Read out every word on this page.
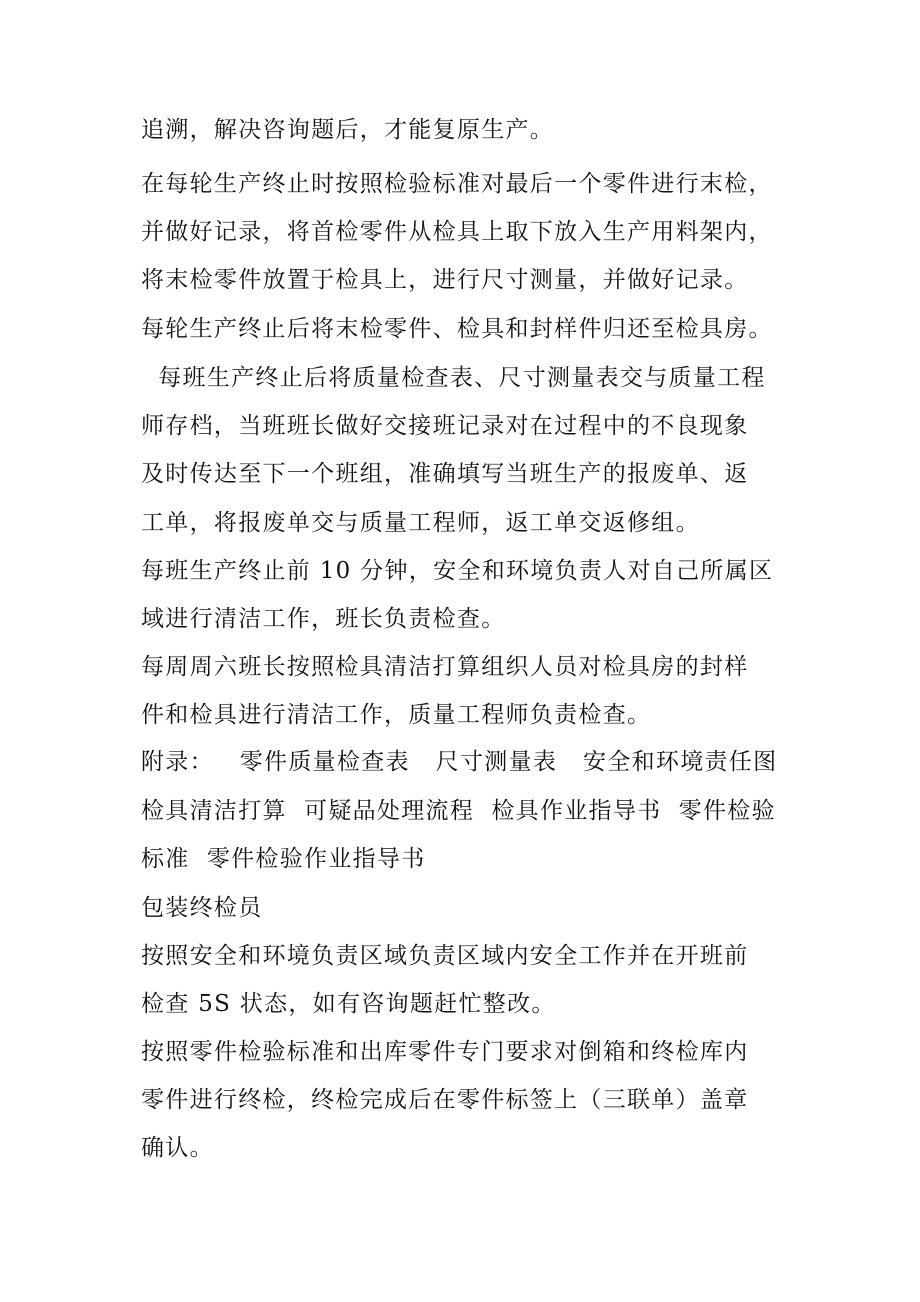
追溯，解决咨询题后，才能复原生产。

在每轮生产终止时按照检验标准对最后一个零件进行末检，

并做好记录，将首检零件从检具上取下放入生产用料架内，

将末检零件放置于检具上，进行尺寸测量，并做好记录。

每轮生产终止后将末检零件、检具和封样件归还至检具房。

每班生产终止后将质量检查表、尺寸测量表交与质量工程

师存档，当班班长做好交接班记录对在过程中的不良现象

及时传达至下一个班组，准确填写当班生产的报废单、返

工单，将报废单交与质量工程师，返工单交返修组。

每班生产终止前 10 分钟，安全和环境负责人对自己所属区

域进行清洁工作，班长负责检查。

每周周六班长按照检具清洁打算组织人员对检具房的封样

件和检具进行清洁工作，质量工程师负责检查。

附录：   零件质量检查表   尺寸测量表   安全和环境责任图

检具清洁打算  可疑品处理流程  检具作业指导书  零件检验

标准  零件检验作业指导书

包装终检员

按照安全和环境负责区域负责区域内安全工作并在开班前

检查 5S 状态，如有咨询题赶忙整改。

按照零件检验标准和出库零件专门要求对倒箱和终检库内

零件进行终检，终检完成后在零件标签上（三联单）盖章

确认。
